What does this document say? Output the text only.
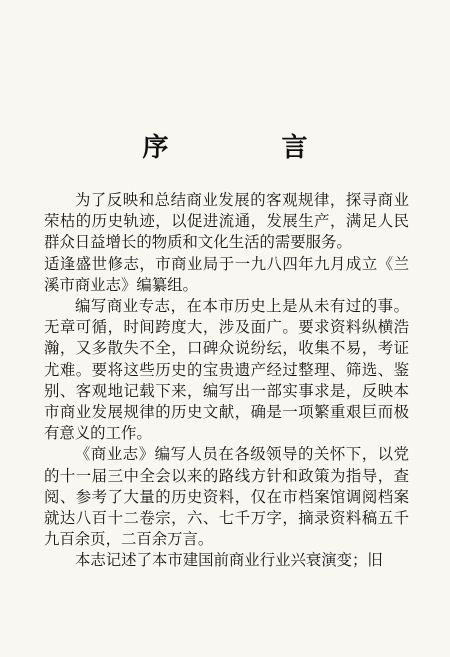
序 言

为了反映和总结商业发展的客观规律，探寻商业荣枯的历史轨迹，以促进流通，发展生产，满足人民群众日益增长的物质和文化生活的需要服务。

适逢盛世修志，市商业局于一九八四年九月成立《兰溪市商业志》编纂组。

编写商业专志，在本市历史上是从未有过的事。无章可循，时间跨度大，涉及面广。要求资料纵横浩瀚，又多散失不全，口碑众说纷纭，收集不易，考证尤难。要将这些历史的宝贵遗产经过整理、筛选、鉴别、客观地记载下来，编写出一部实事求是，反映本市商业发展规律的历史文献，确是一项繁重艰巨而极有意义的工作。

《商业志》编写人员在各级领导的关怀下，以党的十一届三中全会以来的路线方针和政策为指导，查阅、参考了大量的历史资料，仅在市档案馆调阅档案就达八百十二卷宗，六、七千万字，摘录资料稿五千九百余页，二百余万言。

本志记述了本市建国前商业行业兴衰演变；旧
